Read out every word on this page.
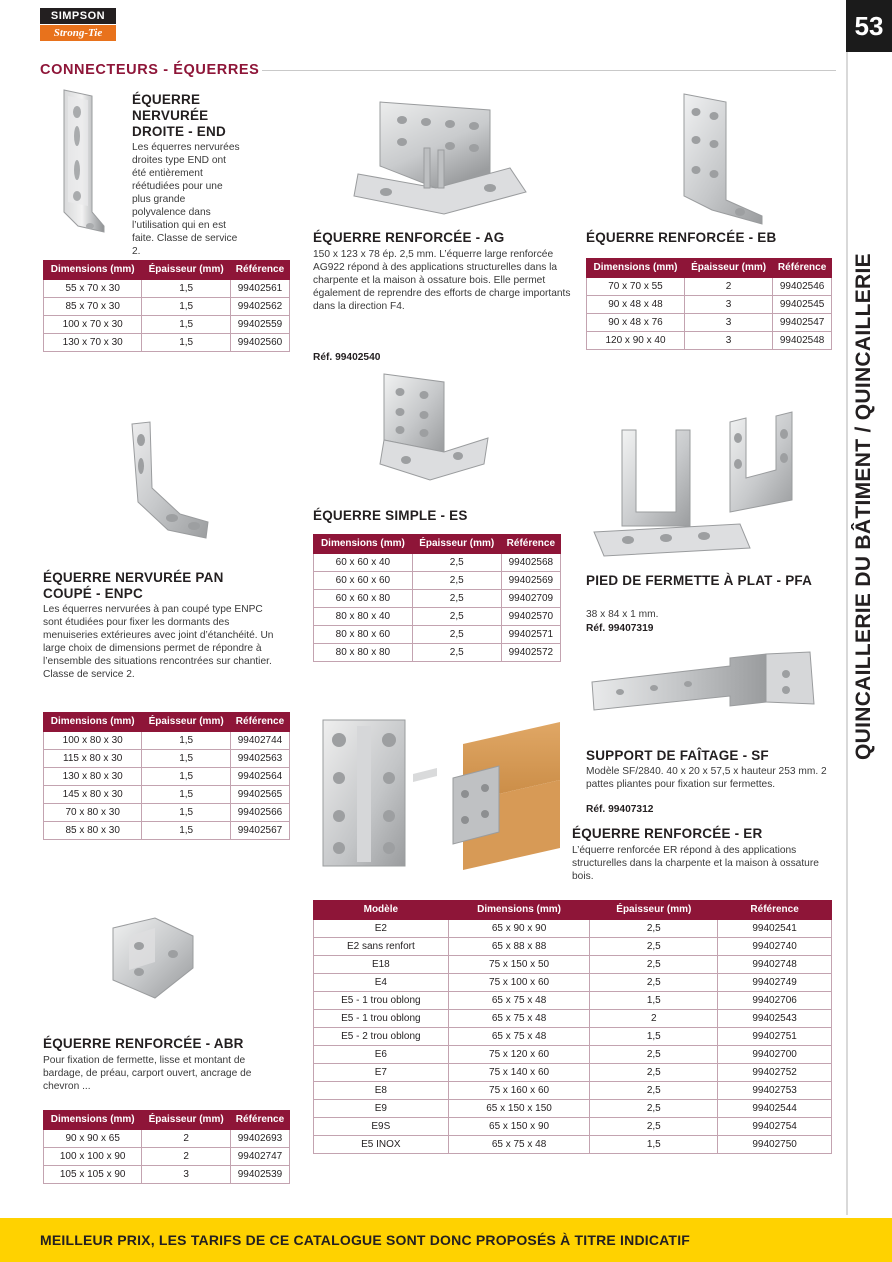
53
QUINCAILLERIE DU BÂTIMENT / QUINCAILLERIE
SIMPSON
Strong-Tie
CONNECTEURS - ÉQUERRES
ÉQUERRE NERVURÉE DROITE - END
Les équerres nervurées droites type END ont été entièrement réétudiées pour une plus grande polyvalence dans l’utilisation qui en est faite. Classe de service 2.
Dimensions (mm)	Épaisseur (mm)	Référence
55 x 70 x 30	1,5	99402561
85 x 70 x 30	1,5	99402562
100 x 70 x 30	1,5	99402559
130 x 70 x 30	1,5	99402560
ÉQUERRE NERVURÉE PAN COUPÉ - ENPC
Les équerres nervurées à pan coupé type ENPC sont étudiées pour fixer les dormants des menuiseries extérieures avec joint d’étanchéité. Un large choix de dimensions permet de répondre à l’ensemble des situations rencontrées sur chantier. Classe de service 2.
Dimensions (mm)	Épaisseur (mm)	Référence
100 x 80 x 30	1,5	99402744
115 x 80 x 30	1,5	99402563
130 x 80 x 30	1,5	99402564
145 x 80 x 30	1,5	99402565
70 x 80 x 30	1,5	99402566
85 x 80 x 30	1,5	99402567
ÉQUERRE RENFORCÉE - ABR
Pour fixation de fermette, lisse et montant de bardage, de préau, carport ouvert, ancrage de chevron ...
Dimensions (mm)	Épaisseur (mm)	Référence
90 x 90 x 65	2	99402693
100 x 100 x 90	2	99402747
105 x 105 x 90	3	99402539
ÉQUERRE RENFORCÉE - AG
150 x 123 x 78 ép. 2,5 mm. L’équerre large renforcée AG922 répond à des applications structurelles dans la charpente et la maison à ossature bois. Elle permet également de reprendre des efforts de charge importants dans la direction F4.
Réf. 99402540
ÉQUERRE SIMPLE - ES
Dimensions (mm)	Épaisseur (mm)	Référence
60 x 60 x 40	2,5	99402568
60 x 60 x 60	2,5	99402569
60 x 60 x 80	2,5	99402709
80 x 80 x 40	2,5	99402570
80 x 80 x 60	2,5	99402571
80 x 80 x 80	2,5	99402572
ÉQUERRE RENFORCÉE - EB
Dimensions (mm)	Épaisseur (mm)	Référence
70 x 70 x 55	2	99402546
90 x 48 x 48	3	99402545
90 x 48 x 76	3	99402547
120 x 90 x 40	3	99402548
PIED DE FERMETTE À PLAT - PFA
38 x 84 x 1 mm.
Réf. 99407319
SUPPORT DE FAÎTAGE - SF
Modèle SF/2840. 40 x 20 x 57,5 x hauteur 253 mm. 2 pattes pliantes pour fixation sur fermettes.
Réf. 99407312
ÉQUERRE RENFORCÉE - ER
L’équerre renforcée ER répond à des applications structurelles dans la charpente et la maison à ossature bois.
Modèle	Dimensions (mm)	Épaisseur (mm)	Référence
E2	65 x 90 x 90	2,5	99402541
E2 sans renfort	65 x 88 x 88	2,5	99402740
E18	75 x 150 x 50	2,5	99402748
E4	75 x 100 x 60	2,5	99402749
E5 - 1 trou oblong	65 x 75 x 48	1,5	99402706
E5 - 1 trou oblong	65 x 75 x 48	2	99402543
E5 - 2 trou oblong	65 x 75 x 48	1,5	99402751
E6	75 x 120 x 60	2,5	99402700
E7	75 x 140 x 60	2,5	99402752
E8	75 x 160 x 60	2,5	99402753
E9	65 x 150 x 150	2,5	99402544
E9S	65 x 150 x 90	2,5	99402754
E5 INOX	65 x 75 x 48	1,5	99402750
MEILLEUR PRIX, LES TARIFS DE CE CATALOGUE SONT DONC PROPOSÉS À TITRE INDICATIF
